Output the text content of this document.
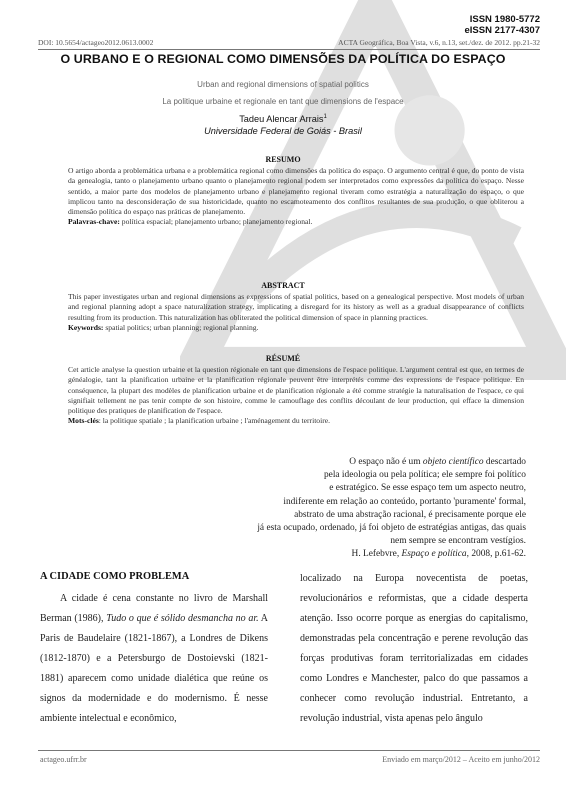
ISSN 1980-5772
eISSN 2177-4307
DOI: 10.5654/actageo2012.0613.0002	ACTA Geográfica, Boa Vista, v.6, n.13, set./dez. de 2012. pp.21-32
O URBANO E O REGIONAL COMO DIMENSÕES DA POLÍTICA DO ESPAÇO
Urban and regional dimensions of spatial politics
La politique urbaine et regionale en tant que dimensions de l'espace
Tadeu Alencar Arrais$^1$
Universidade Federal de Goiás - Brasil
RESUMO
O artigo aborda a problemática urbana e a problemática regional como dimensões da política do espaço. O argumento central é que, do ponto de vista da genealogia, tanto o planejamento urbano quanto o planejamento regional podem ser interpretados como expressões da política do espaço. Nesse sentido, a maior parte dos modelos de planejamento urbano e planejamento regional tiveram como estratégia a naturalização do espaço, o que implicou tanto na desconsideração de sua historicidade, quanto no escamoteamento dos conflitos resultantes de sua produção, o que obliterou a dimensão política do espaço nas práticas de planejamento.
Palavras-chave: política espacial; planejamento urbano; planejamento regional.
ABSTRACT
This paper investigates urban and regional dimensions as expressions of spatial politics, based on a genealogical perspective. Most models of urban and regional planning adopt a space naturalization strategy, implicating a disregard for its history as well as a gradual disappearance of conflicts resulting from its production. This naturalization has obliterated the political dimension of space in planning practices.
Keywords: spatial politics; urban planning; regional planning.
RÉSUMÉ
Cet article analyse la question urbaine et la question régionale en tant que dimensions de l'espace politique. L'argument central est que, en termes de généalogie, tant la planification urbaine et la planification régionale peuvent être interprétés comme des expressions de l'espace politique. En conséquence, la plupart des modèles de planification urbaine et de planification régionale a été comme stratégie la naturalisation de l'espace, ce qui signifiait tellement ne pas tenir compte de son histoire, comme le camouflage des conflits découlant de leur production, qui efface la dimension politique des pratiques de planification de l'espace.
Mots-clés: la politique spatiale ; la planification urbaine ; l'aménagement du territoire.
O espaço não é um objeto científico descartado
pela ideologia ou pela política; ele sempre foi político
e estratégico. Se esse espaço tem um aspecto neutro,
indiferente em relação ao conteúdo, portanto 'puramente' formal,
abstrato de uma abstração racional, é precisamente porque ele
já esta ocupado, ordenado, já foi objeto de estratégias antigas, das quais
nem sempre se encontram vestígios.
H. Lefebvre, Espaço e política, 2008, p.61-62.
A CIDADE COMO PROBLEMA

A cidade é cena constante no livro de Marshall Berman (1986), Tudo o que é sólido desmancha no ar. A Paris de Baudelaire (1821-1867), a Londres de Dikens (1812-1870) e a Petersburgo de Dostoievski (1821-1881) aparecem como unidade dialética que reúne os signos da modernidade e do modernismo. É nesse ambiente intelectual e econômico,

localizado na Europa novecentista de poetas, revolucionários e reformistas, que a cidade desperta atenção. Isso ocorre porque as energias do capitalismo, demonstradas pela concentração e perene revolução das forças produtivas foram territorializadas em cidades como Londres e Manchester, palco do que passamos a conhecer como revolução industrial. Entretanto, a revolução industrial, vista apenas pelo ângulo

actageo.ufrr.br	Enviado em março/2012 – Aceito em junho/2012
